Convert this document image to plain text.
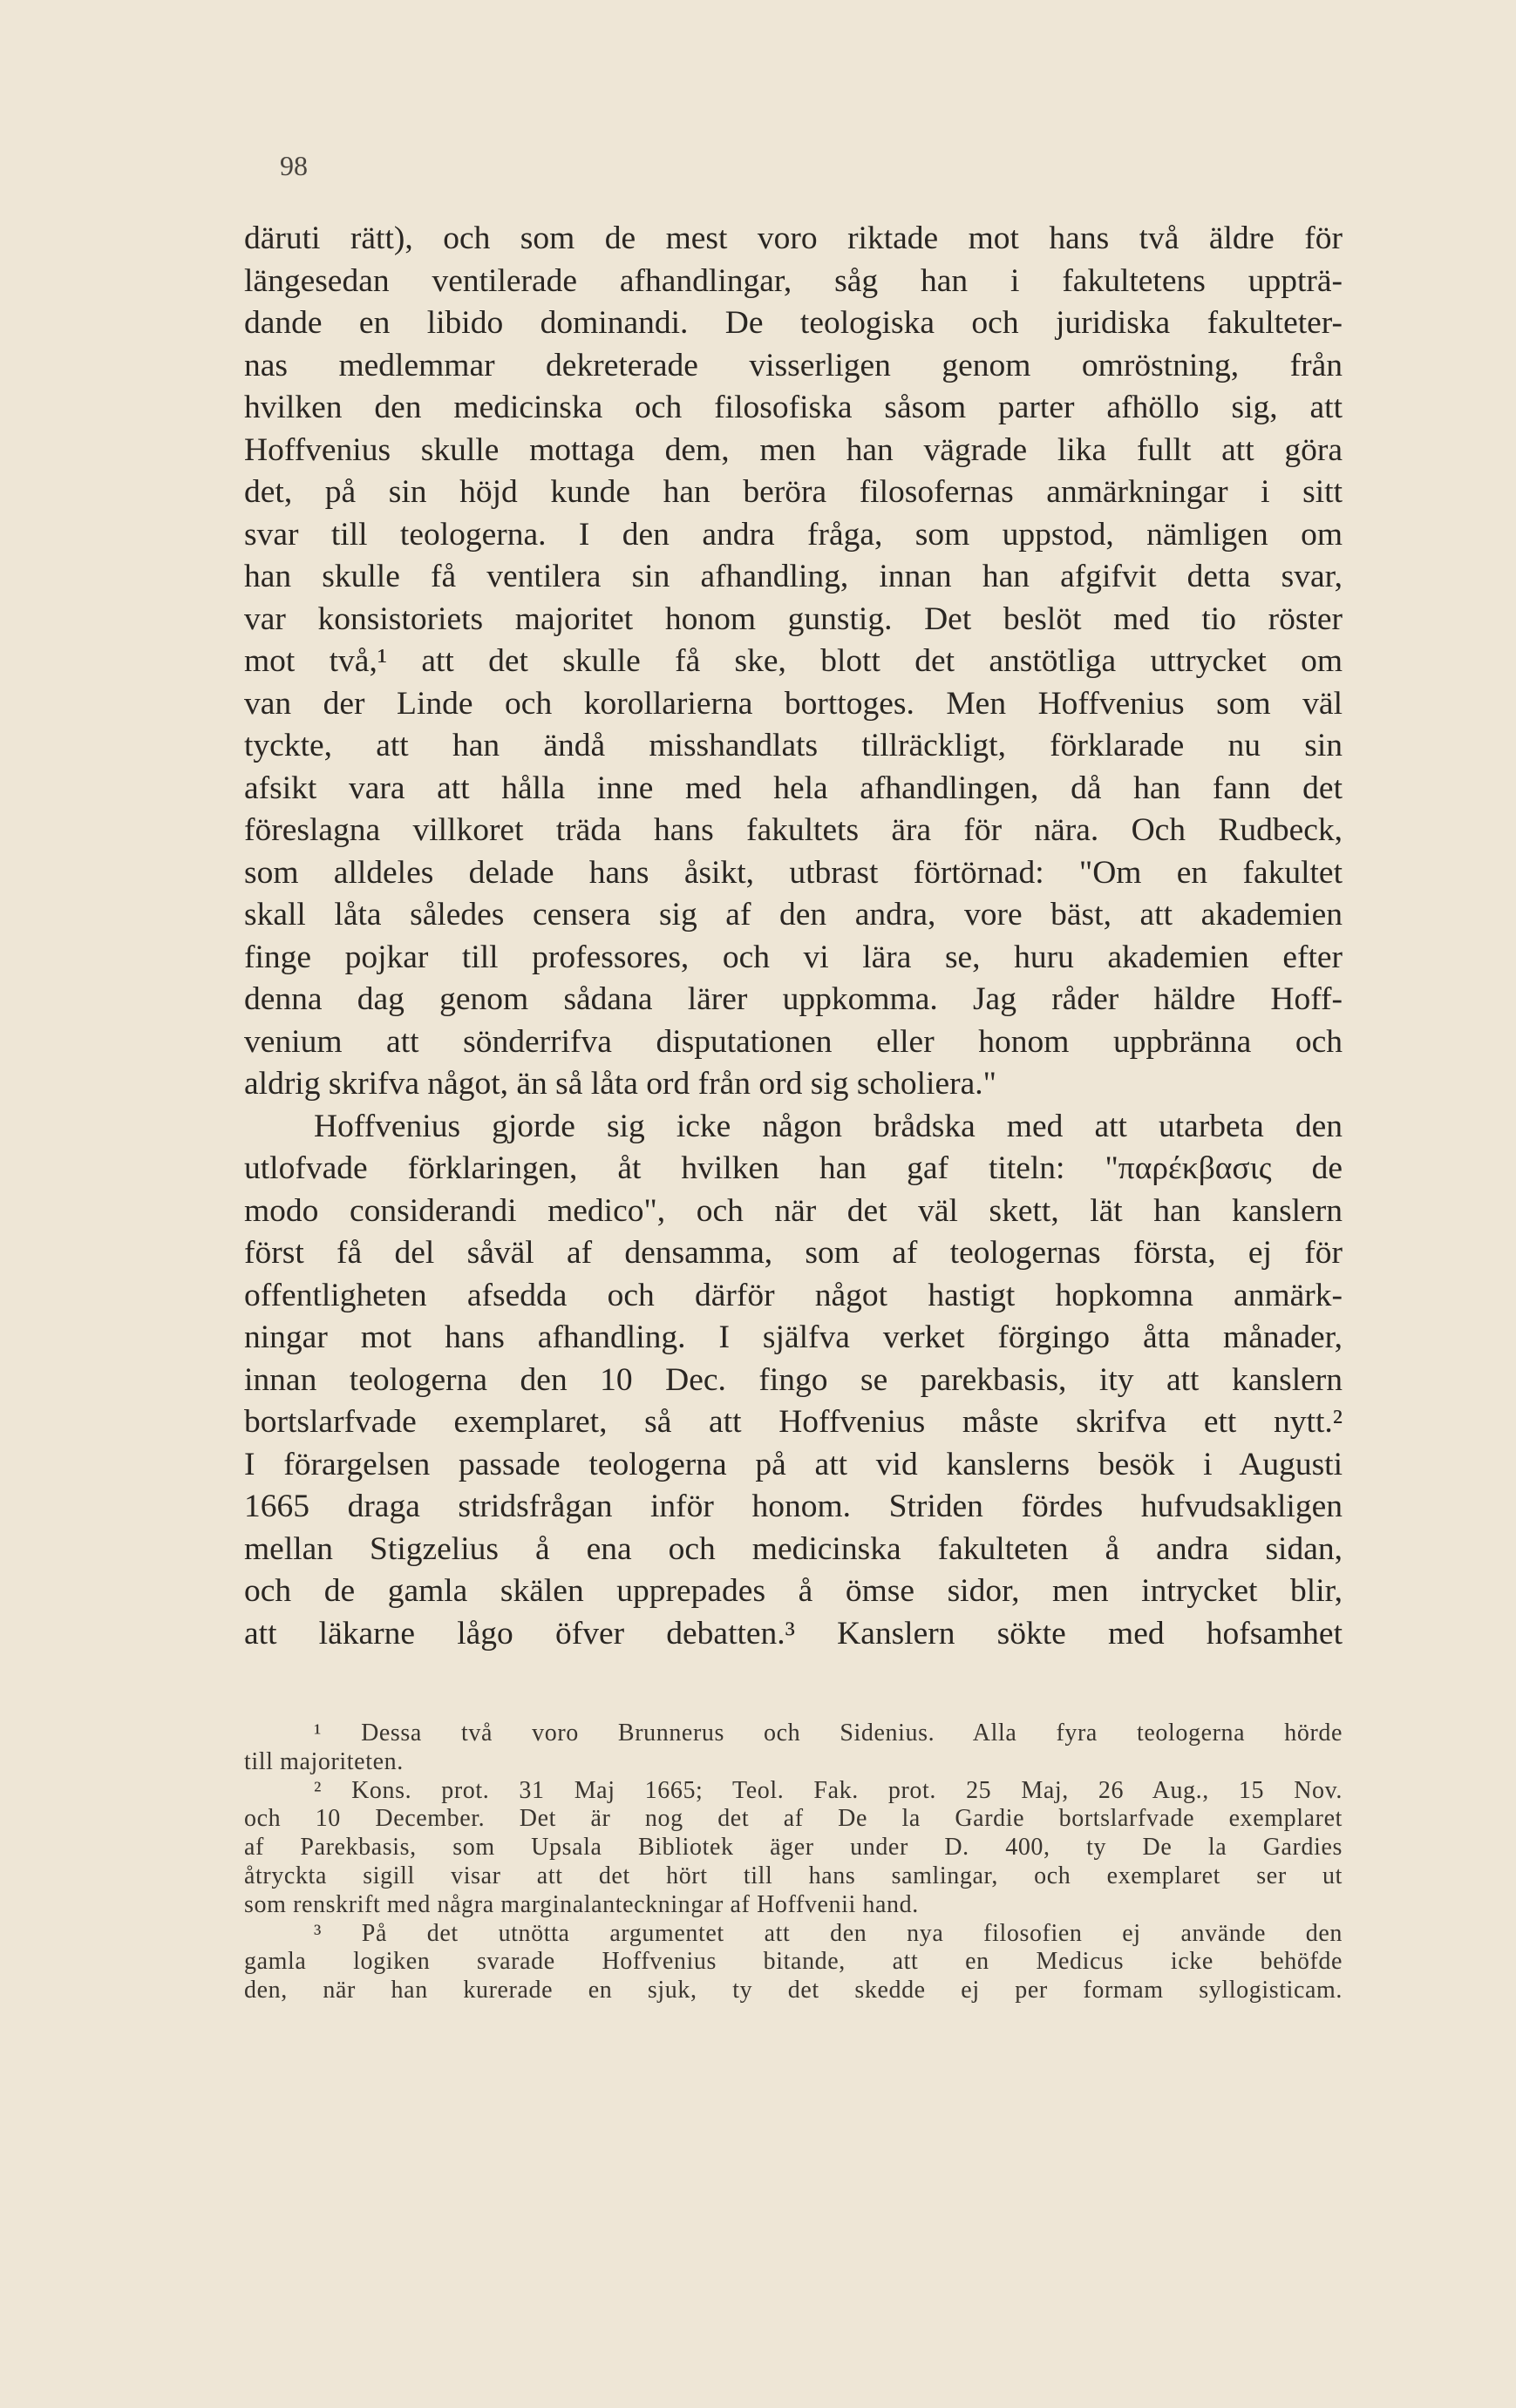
98
däruti rätt), och som de mest voro riktade mot hans två äldre för
längesedan ventilerade afhandlingar, såg han i fakultetens uppträ-
dande en libido dominandi. De teologiska och juridiska fakulteter-
nas medlemmar dekreterade visserligen genom omröstning, från
hvilken den medicinska och filosofiska såsom parter afhöllo sig, att
Hoffvenius skulle mottaga dem, men han vägrade lika fullt att göra
det, på sin höjd kunde han beröra filosofernas anmärkningar i sitt
svar till teologerna. I den andra fråga, som uppstod, nämligen om
han skulle få ventilera sin afhandling, innan han afgifvit detta svar,
var konsistoriets majoritet honom gunstig. Det beslöt med tio röster
mot två,¹ att det skulle få ske, blott det anstötliga uttrycket om
van der Linde och korollarierna borttoges. Men Hoffvenius som väl
tyckte, att han ändå misshandlats tillräckligt, förklarade nu sin
afsikt vara att hålla inne med hela afhandlingen, då han fann det
föreslagna villkoret träda hans fakultets ära för nära. Och Rudbeck,
som alldeles delade hans åsikt, utbrast förtörnad: "Om en fakultet
skall låta således censera sig af den andra, vore bäst, att akademien
finge pojkar till professores, och vi lära se, huru akademien efter
denna dag genom sådana lärer uppkomma. Jag råder häldre Hoff-
venium att sönderrifva disputationen eller honom uppbränna och
aldrig skrifva något, än så låta ord från ord sig scholiera."
Hoffvenius gjorde sig icke någon brådska med att utarbeta den
utlofvade förklaringen, åt hvilken han gaf titeln: "παρέκβασις de
modo considerandi medico", och när det väl skett, lät han kanslern
först få del såväl af densamma, som af teologernas första, ej för
offentligheten afsedda och därför något hastigt hopkomna anmärk-
ningar mot hans afhandling. I själfva verket förgingo åtta månader,
innan teologerna den 10 Dec. fingo se parekbasis, ity att kanslern
bortslarfvade exemplaret, så att Hoffvenius måste skrifva ett nytt.²
I förargelsen passade teologerna på att vid kanslerns besök i Augusti
1665 draga stridsfrågan inför honom. Striden fördes hufvudsakligen
mellan Stigzelius å ena och medicinska fakulteten å andra sidan,
och de gamla skälen upprepades å ömse sidor, men intrycket blir,
att läkarne lågo öfver debatten.³ Kanslern sökte med hofsamhet
¹ Dessa två voro Brunnerus och Sidenius. Alla fyra teologerna hörde
till majoriteten.
² Kons. prot. 31 Maj 1665; Teol. Fak. prot. 25 Maj, 26 Aug., 15 Nov.
och 10 December. Det är nog det af De la Gardie bortslarfvade exemplaret
af Parekbasis, som Upsala Bibliotek äger under D. 400, ty De la Gardies
åtryckta sigill visar att det hört till hans samlingar, och exemplaret ser ut
som renskrift med några marginalanteckningar af Hoffvenii hand.
³ På det utnötta argumentet att den nya filosofien ej använde den
gamla logiken svarade Hoffvenius bitande, att en Medicus icke behöfde
den, när han kurerade en sjuk, ty det skedde ej per formam syllogisticam.
